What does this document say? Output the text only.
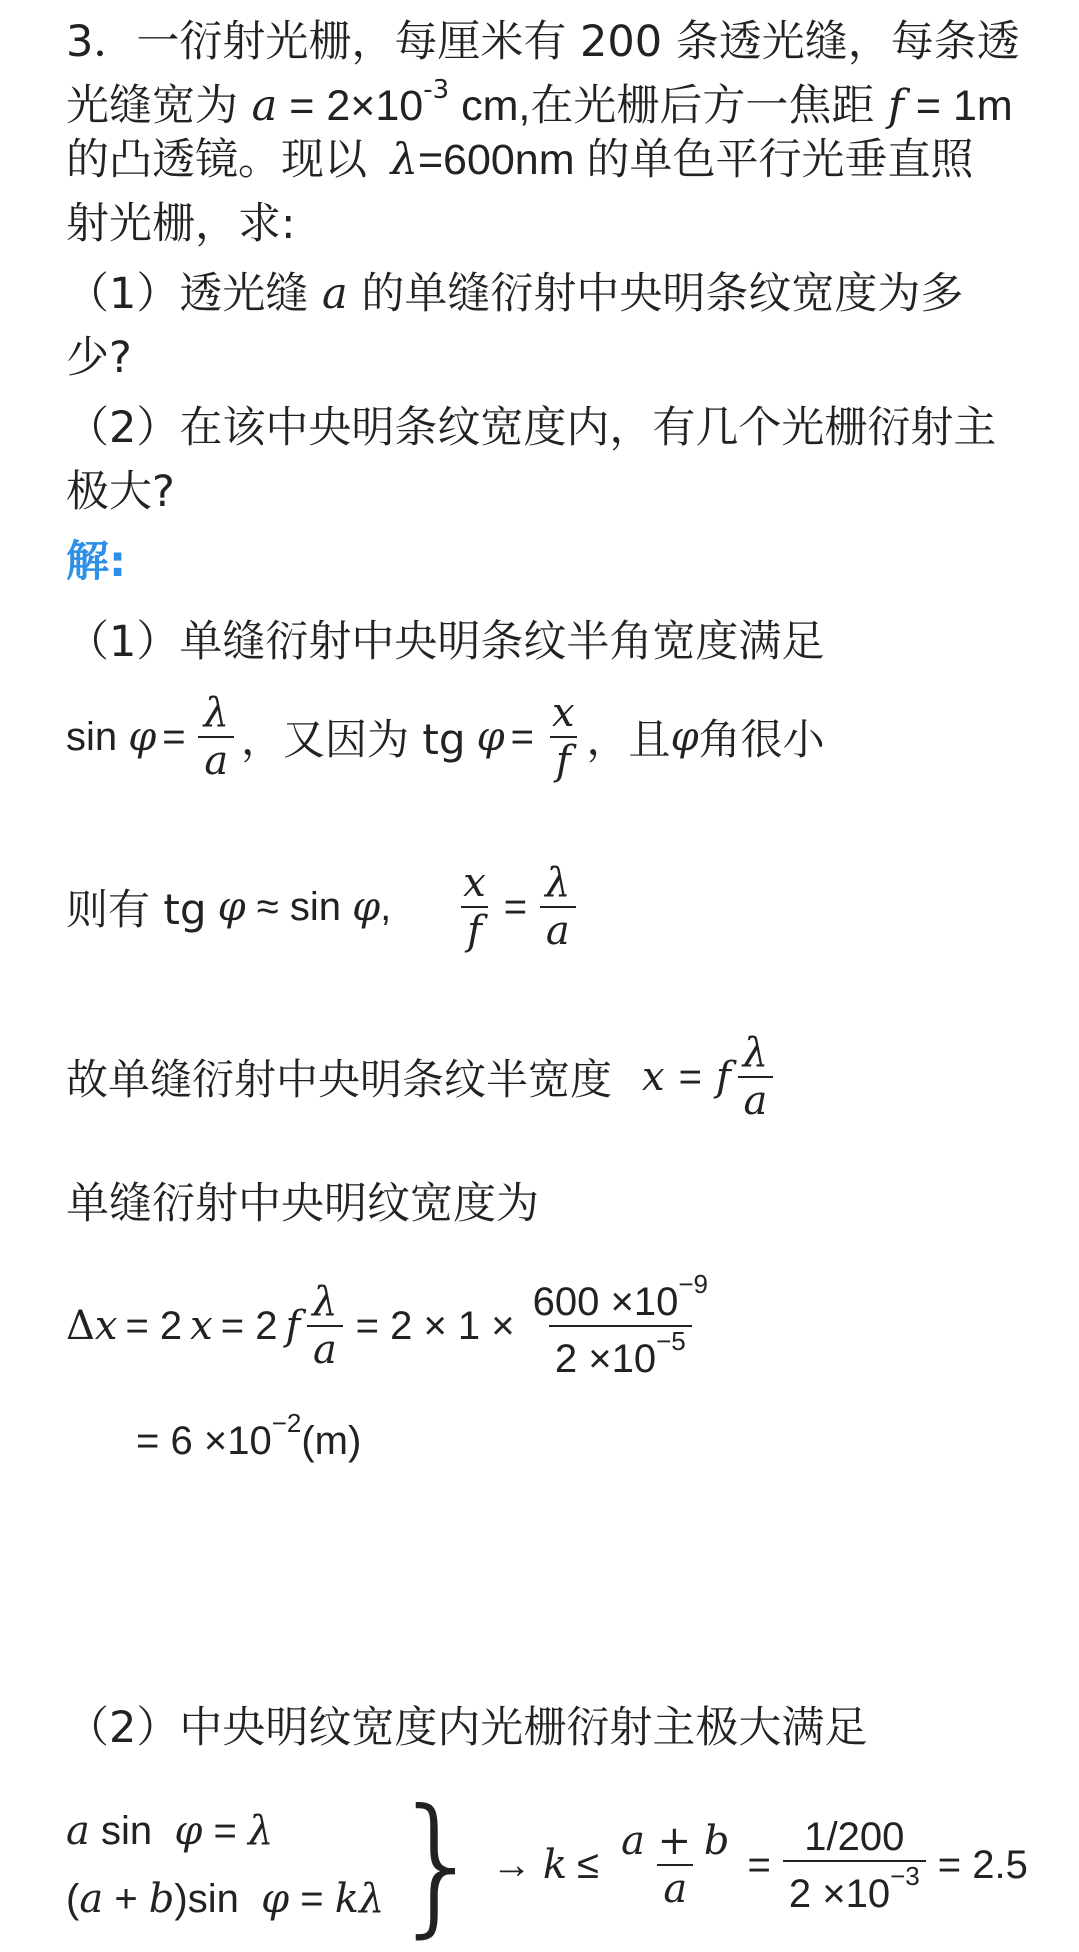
3．一衍射光栅，每厘米有 200 条透光缝，每条透
光缝宽为 $a = 2\times 10^{-3}$ cm,在光栅后方一焦距 f = 1m
的凸透镜。现以 λ=600nm 的单色平行光垂直照
射光栅，求:
（1）透光缝 a 的单缝衍射中央明条纹宽度为多
少?
（2）在该中央明条纹宽度内，有几个光栅衍射主
极大?
解:
（1）单缝衍射中央明条纹半角宽度满足
sin
$\varphi = \frac{\lambda}{a}$ ，又因为 tg
$\varphi = \frac{x}{f}$ ，且 φ 角很小
则有 tg
φ
≈ sin
φ , $\frac{x}{f} = \frac{\lambda}{a}$
故单缝衍射中央明条纹半宽度 x = f $\frac{\lambda}{a}$
单缝衍射中央明纹宽度为
Δ x = 2 x = 2 f $\frac{\lambda}{a} = 2 \times 1 \times \frac{600 \times 10^{-9}}{2 \times 10^{-5}}$
= $6 \times 10^{-2}(m)$
（2）中央明纹宽度内光栅衍射主极大满足
a sin φ = λ
(a + b)sin φ = kλ } →
$k \le \frac{a + b}{a} = \frac{1/200}{2 \times 10^{-3}} = 2.5$
